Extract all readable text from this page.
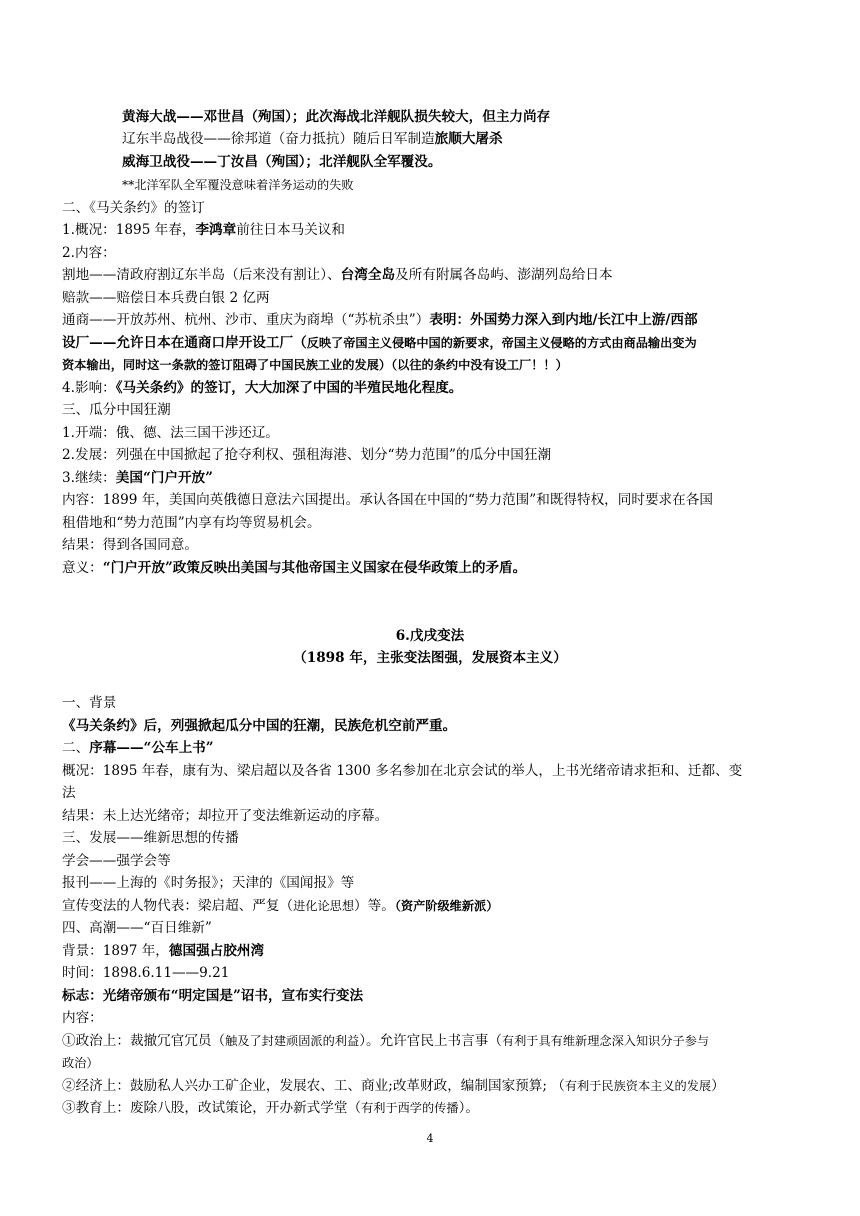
黄海大战——邓世昌（殉国）；此次海战北洋舰队损失较大，但主力尚存
辽东半岛战役——徐邦道（奋力抵抗）随后日军制造旅顺大屠杀
威海卫战役——丁汝昌（殉国）；北洋舰队全军覆没。
**北洋军队全军覆没意味着洋务运动的失败
二、《马关条约》的签订
1.概况：1895 年春，李鸿章前往日本马关议和
2.内容：
割地——清政府割辽东半岛（后来没有割让）、台湾全岛及所有附属各岛屿、澎湖列岛给日本
赔款——赔偿日本兵费白银 2 亿两
通商——开放苏州、杭州、沙市、重庆为商埠（“苏杭杀虫”）表明：外国势力深入到内地/长江中上游/西部
设厂——允许日本在通商口岸开设工厂（反映了帝国主义侵略中国的新要求，帝国主义侵略的方式由商品输出变为
资本输出，同时这一条款的签订阻碍了中国民族工业的发展）（以往的条约中没有设工厂！！）
4.影响：《马关条约》的签订，大大加深了中国的半殖民地化程度。
三、瓜分中国狂潮
1.开端：俄、德、法三国干涉还辽。
2.发展：列强在中国掀起了抢夺利权、强租海港、划分“势力范围”的瓜分中国狂潮
3.继续：美国“门户开放”
内容：1899 年，美国向英俄德日意法六国提出。承认各国在中国的“势力范围”和既得特权，同时要求在各国
租借地和“势力范围”内享有均等贸易机会。
结果：得到各国同意。
意义：“门户开放”政策反映出美国与其他帝国主义国家在侵华政策上的矛盾。
6.戊戌变法
（1898 年，主张变法图强，发展资本主义）
一、背景
《马关条约》后，列强掀起瓜分中国的狂潮，民族危机空前严重。
二、序幕——“公车上书”
概况：1895 年春，康有为、梁启超以及各省 1300 多名参加在北京会试的举人，上书光绪帝请求拒和、迁都、变
法
结果：未上达光绪帝；却拉开了变法维新运动的序幕。
三、发展——维新思想的传播
学会——强学会等
报刊——上海的《时务报》；天津的《国闻报》等
宣传变法的人物代表：梁启超、严复（进化论思想）等。（资产阶级维新派）
四、高潮——“百日维新”
背景：1897 年，德国强占胶州湾
时间：1898.6.11——9.21
标志：光绪帝颁布“明定国是”诏书，宣布实行变法
内容：
①政治上：裁撤冗官冗员（触及了封建顽固派的利益）。允许官民上书言事（有利于具有维新理念深入知识分子参与
政治）
②经济上：鼓励私人兴办工矿企业，发展农、工、商业;改革财政，编制国家预算; （有利于民族资本主义的发展）
③教育上：废除八股，改试策论，开办新式学堂（有利于西学的传播）。
4
